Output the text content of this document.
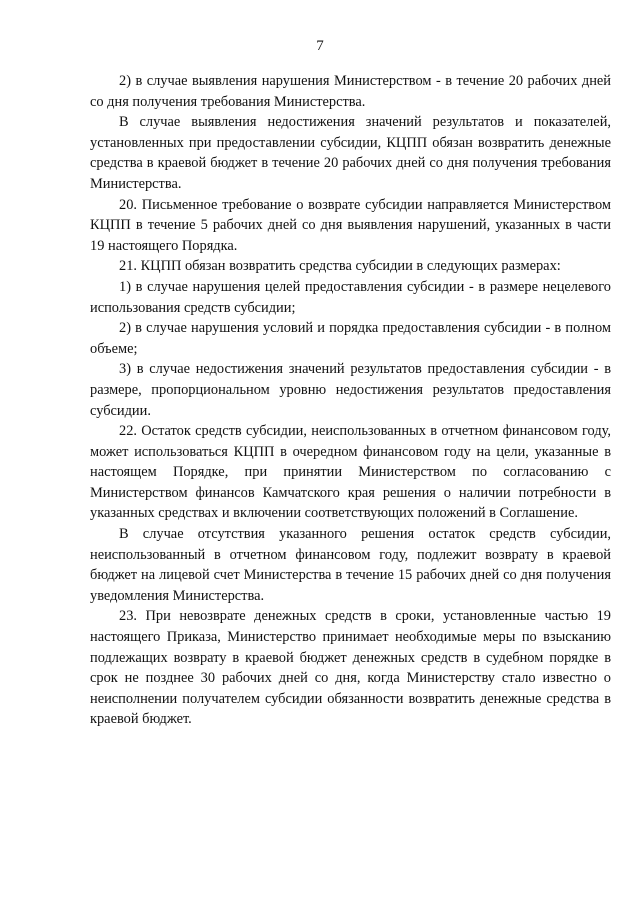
7

2) в случае выявления нарушения Министерством - в течение 20 рабочих дней со дня получения требования Министерства.

В случае выявления недостижения значений результатов и показателей, установленных при предоставлении субсидии, КЦПП обязан возвратить денежные средства в краевой бюджет в течение 20 рабочих дней со дня получения требования Министерства.

20. Письменное требование о возврате субсидии направляется Министерством КЦПП в течение 5 рабочих дней со дня выявления нарушений, указанных в части 19 настоящего Порядка.

21. КЦПП обязан возвратить средства субсидии в следующих размерах:

1) в случае нарушения целей предоставления субсидии - в размере нецелевого использования средств субсидии;

2) в случае нарушения условий и порядка предоставления субсидии - в полном объеме;

3) в случае недостижения значений результатов предоставления субсидии - в размере, пропорциональном уровню недостижения результатов предоставления субсидии.

22. Остаток средств субсидии, неиспользованных в отчетном финансовом году, может использоваться КЦПП в очередном финансовом году на цели, указанные в настоящем Порядке, при принятии Министерством по согласованию с Министерством финансов Камчатского края решения о наличии потребности в указанных средствах и включении соответствующих положений в Соглашение.

В случае отсутствия указанного решения остаток средств субсидии, неиспользованный в отчетном финансовом году, подлежит возврату в краевой бюджет на лицевой счет Министерства в течение 15 рабочих дней со дня получения уведомления Министерства.

23. При невозврате денежных средств в сроки, установленные частью 19 настоящего Приказа, Министерство принимает необходимые меры по взысканию подлежащих возврату в краевой бюджет денежных средств в судебном порядке в срок не позднее 30 рабочих дней со дня, когда Министерству стало известно о неисполнении получателем субсидии обязанности возвратить денежные средства в краевой бюджет.
